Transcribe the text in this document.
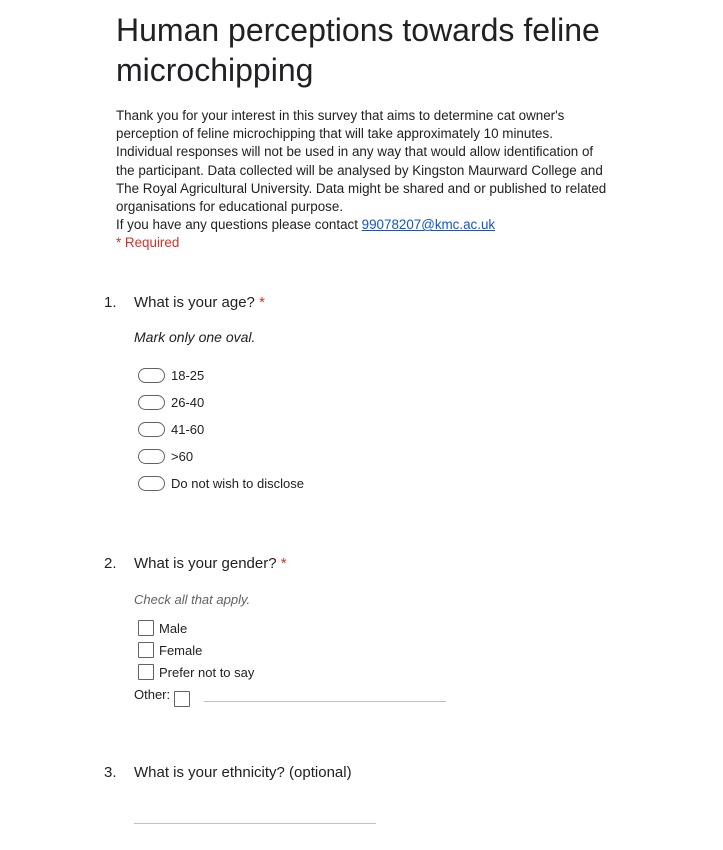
Human perceptions towards feline
microchipping

Thank you for your interest in this survey that aims to determine cat owner's

perception of feline microchipping that will take approximately 10 minutes.

Individual responses will not be used in any way that would allow identification of

the participant. Data collected will be analysed by Kingston Maurward College and

The Royal Agricultural University. Data might be shared and or published to related

organisations for educational purpose.

If you have any questions please contact 99078207@kmc.ac.uk

* Required
1. What is your age? *
Mark only one oval.
18-25
26-40
41-60
>60
Do not wish to disclose
2. What is your gender? *
Check all that apply.
Male
Female
Prefer not to say
Other:
3. What is your ethnicity? (optional)
